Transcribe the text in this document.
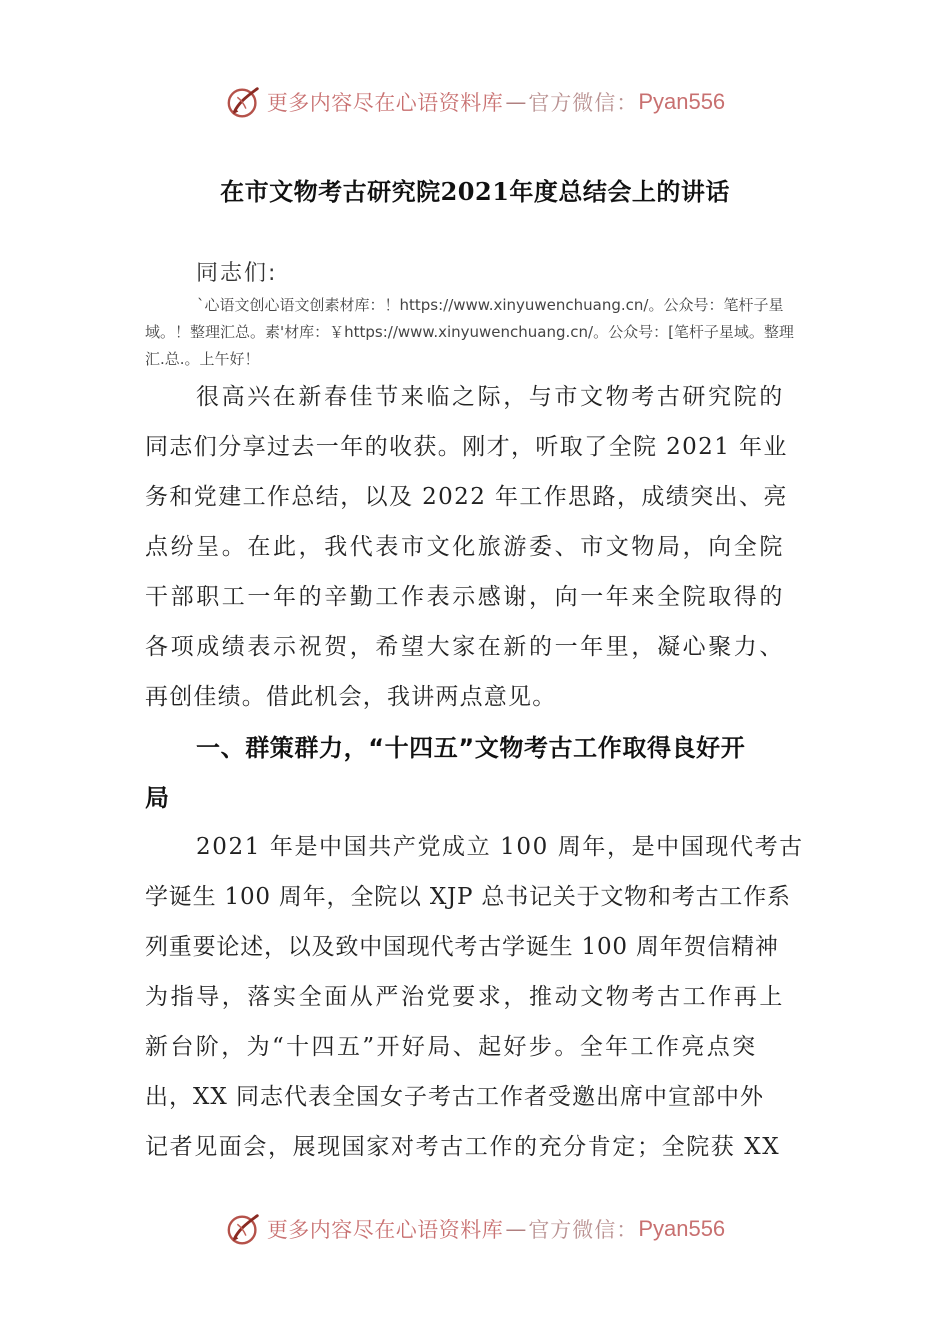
更多内容尽在心语资料库 — 官方微信： Pyan556
在市文物考古研究院2021年度总结会上的讲话
同志们:

`心语文创心语文创素材库：！https://www.xinyuwenchuang.cn/。公众号：笔杆子星域。！整理汇总。素'材库：￥https://www.xinyuwenchuang.cn/。公众号：[笔杆子星域。整理汇.总.。上午好！

很高兴在新春佳节来临之际，与市文物考古研究院的
同志们分享过去一年的收获。刚才，听取了全院 2021 年业
务和党建工作总结，以及 2022 年工作思路，成绩突出、亮
点纷呈。在此，我代表市文化旅游委、市文物局，向全院
干部职工一年的辛勤工作表示感谢，向一年来全院取得的
各项成绩表示祝贺，希望大家在新的一年里，凝心聚力、
再创佳绩。借此机会，我讲两点意见。
一、群策群力，“十四五”文物考古工作取得良好开
局
2021 年是中国共产党成立 100 周年，是中国现代考古
学诞生 100 周年，全院以 XJP 总书记关于文物和考古工作系
列重要论述，以及致中国现代考古学诞生 100 周年贺信精神
为指导，落实全面从严治党要求，推动文物考古工作再上
新台阶，为“十四五”开好局、起好步。全年工作亮点突
出，XX 同志代表全国女子考古工作者受邀出席中宣部中外
记者见面会，展现国家对考古工作的充分肯定；全院获 XX
更多内容尽在心语资料库 — 官方微信： Pyan556
